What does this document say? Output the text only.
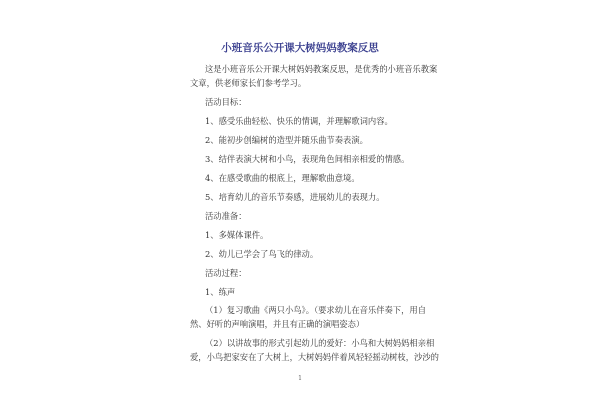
小班音乐公开课大树妈妈教案反思
这是小班音乐公开课大树妈妈教案反思，是优秀的小班音乐教案
文章，供老师家长们参考学习。
活动目标：
1、感受乐曲轻松、快乐的情调，并理解歌词内容。
2、能初步创编树的造型并随乐曲节奏表演。
3、结伴表演大树和小鸟，表现角色间相亲相爱的情感。
4、在感受歌曲的根底上，理解歌曲意境。
5、培育幼儿的音乐节奏感，进展幼儿的表现力。
活动准备：
1、多媒体课件。
2、幼儿已学会了鸟飞的律动。
活动过程：
1、练声
（1）复习歌曲《两只小鸟》。（要求幼儿在音乐伴奏下，用自
然、好听的声响演唱，并且有正确的演唱姿态）
（2）以讲故事的形式引起幼儿的爱好：小鸟和大树妈妈相亲相
爱，小鸟把家安在了大树上，大树妈妈伴着风轻轻摇动树枝，沙沙的
1
